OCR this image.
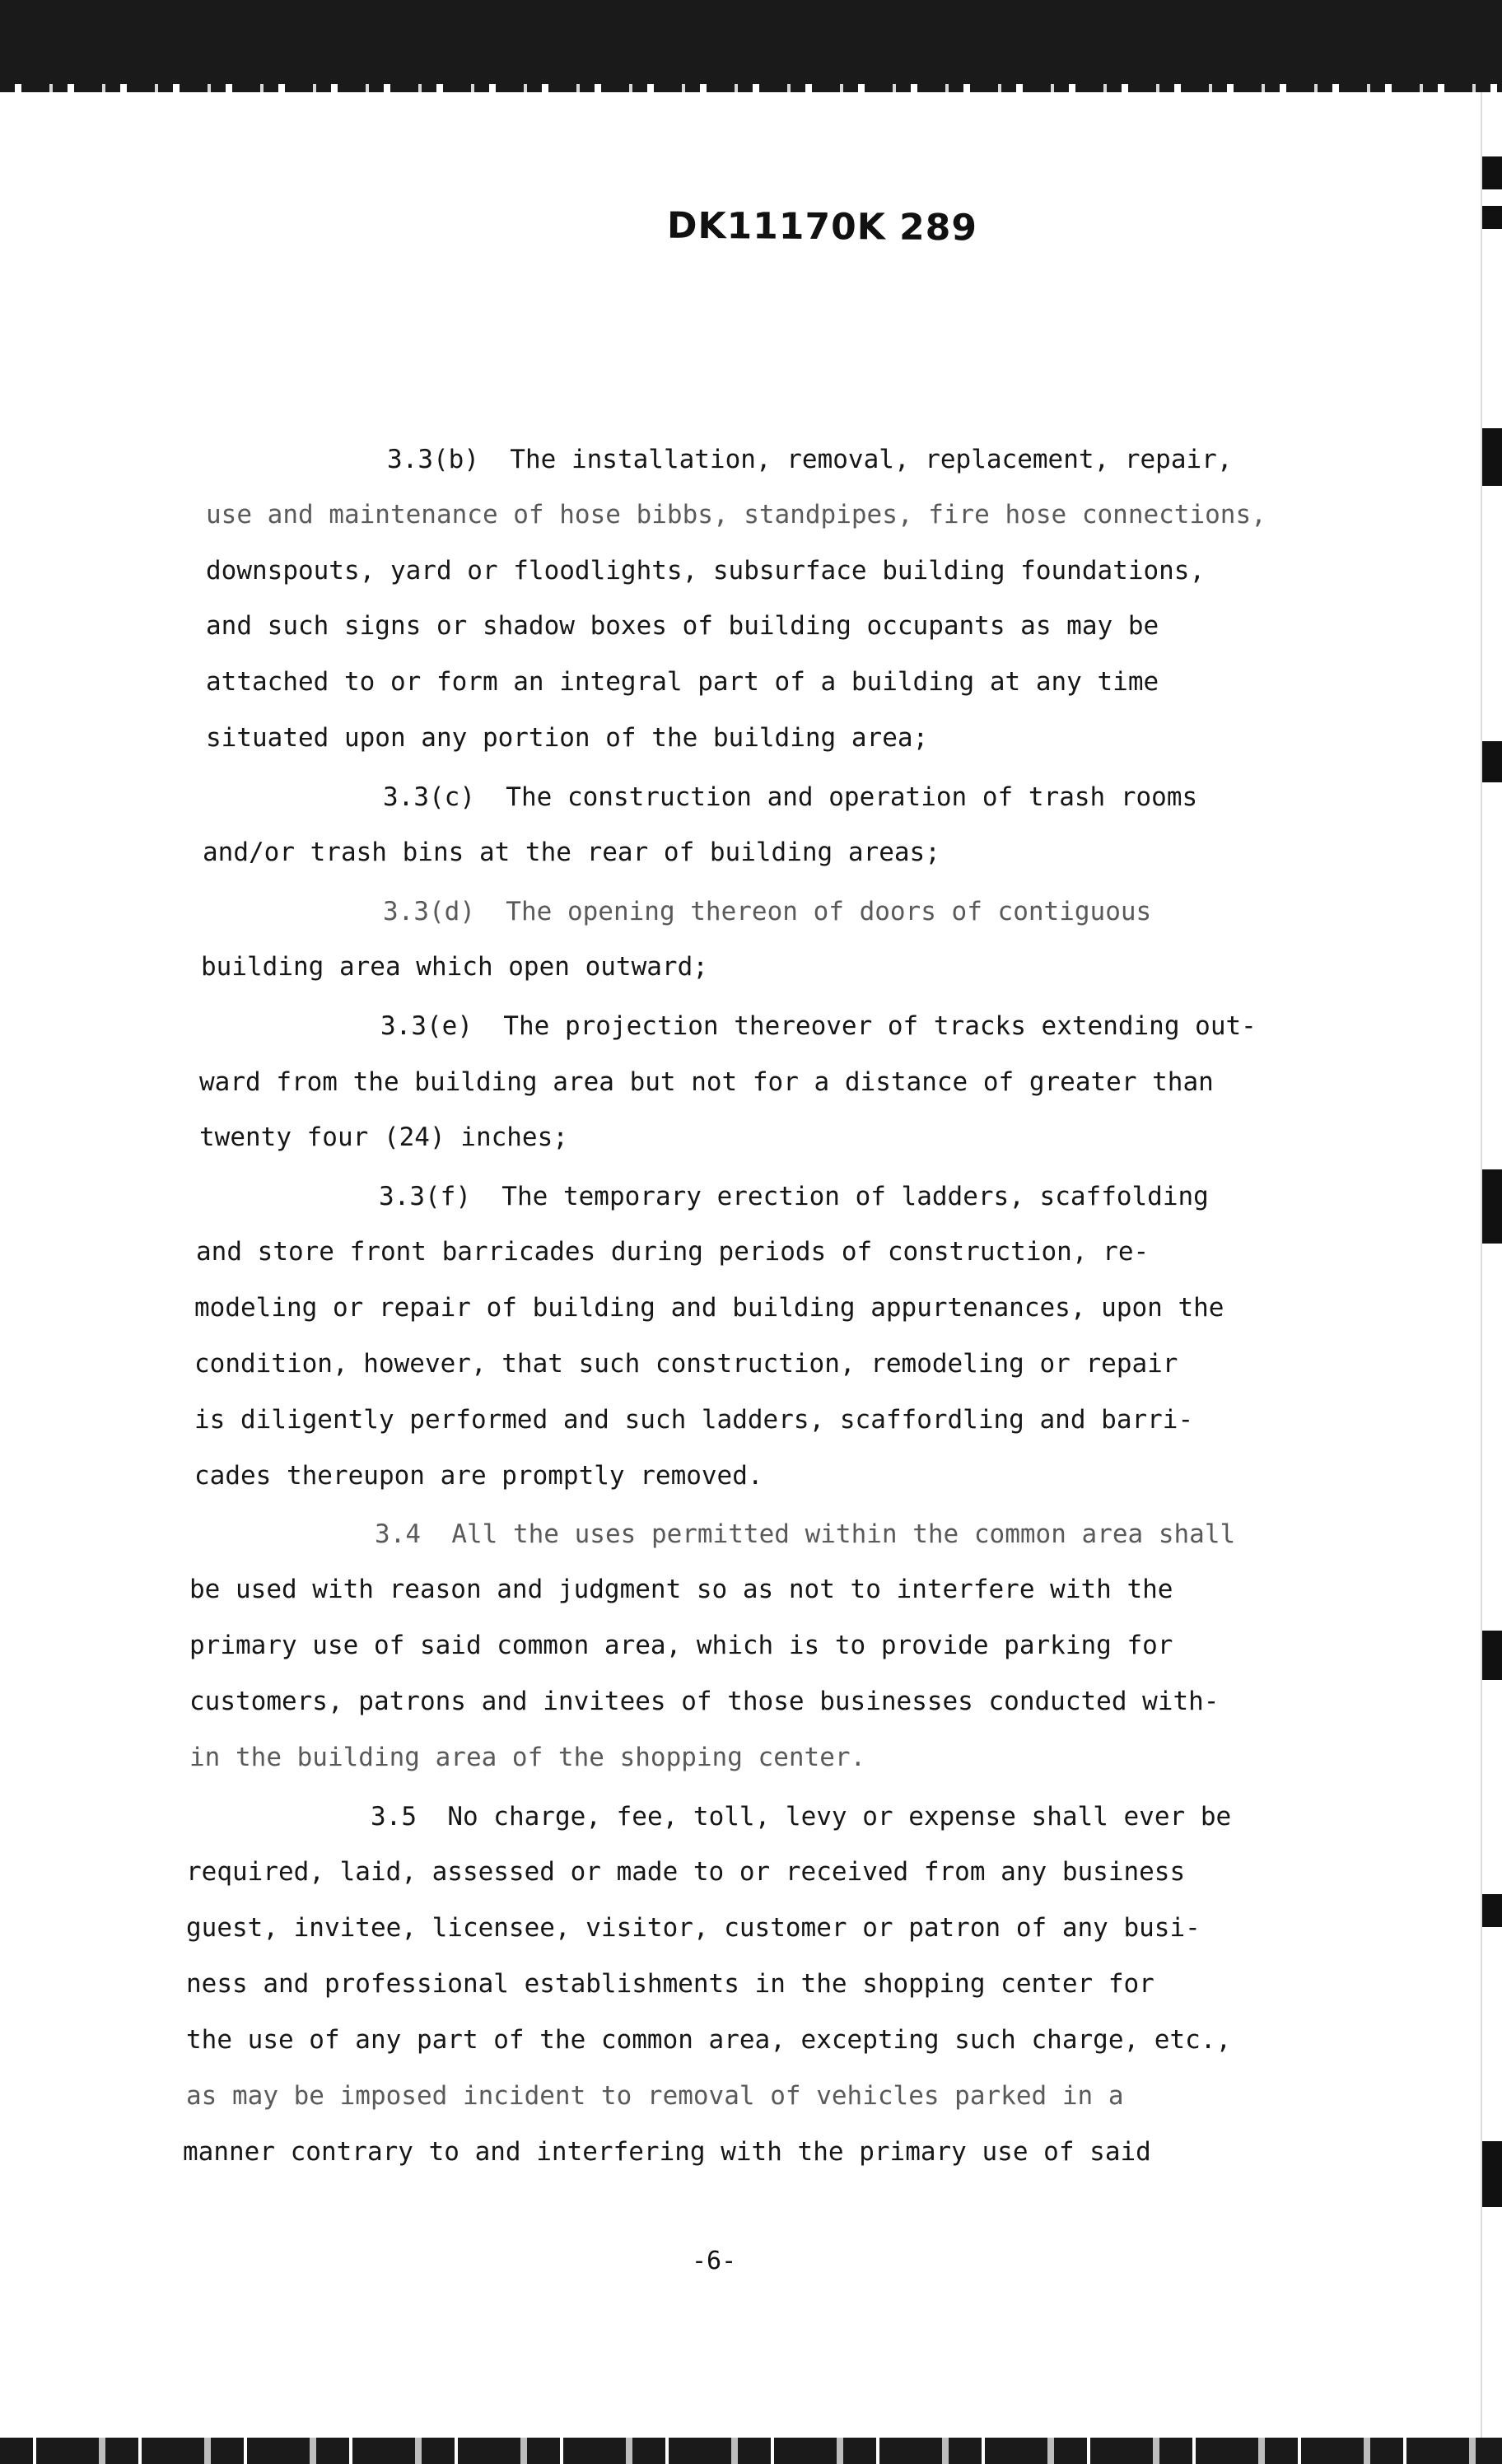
DK11170K 289
3.3(b)  The installation, removal, replacement, repair,
use and maintenance of hose bibbs, standpipes, fire hose connections,
downspouts, yard or floodlights, subsurface building foundations,
and such signs or shadow boxes of building occupants as may be
attached to or form an integral part of a building at any time
situated upon any portion of the building area;
3.3(c)  The construction and operation of trash rooms
and/or trash bins at the rear of building areas;
3.3(d)  The opening thereon of doors of contiguous
building area which open outward;
3.3(e)  The projection thereover of tracks extending out-
ward from the building area but not for a distance of greater than
twenty four (24) inches;
3.3(f)  The temporary erection of ladders, scaffolding
and store front barricades during periods of construction, re-
modeling or repair of building and building appurtenances, upon the
condition, however, that such construction, remodeling or repair
is diligently performed and such ladders, scaffordling and barri-
cades thereupon are promptly removed.
3.4  All the uses permitted within the common area shall
be used with reason and judgment so as not to interfere with the
primary use of said common area, which is to provide parking for
customers, patrons and invitees of those businesses conducted with-
in the building area of the shopping center.
3.5  No charge, fee, toll, levy or expense shall ever be
required, laid, assessed or made to or received from any business
guest, invitee, licensee, visitor, customer or patron of any busi-
ness and professional establishments in the shopping center for
the use of any part of the common area, excepting such charge, etc.,
as may be imposed incident to removal of vehicles parked in a
manner contrary to and interfering with the primary use of said
-6-
